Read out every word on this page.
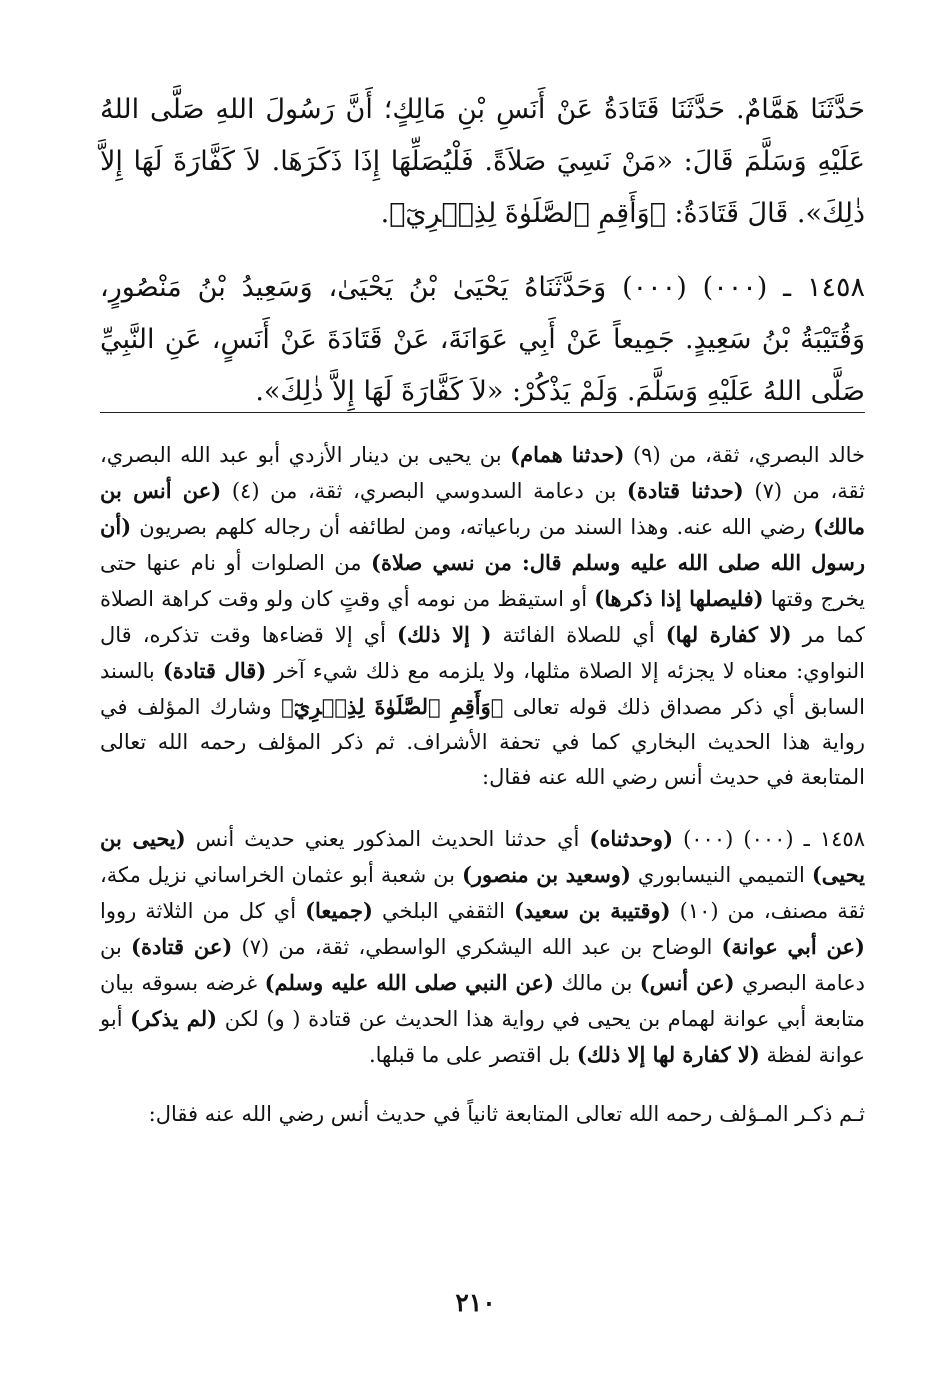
حَدَّثَنَا هَمَّامٌ. حَدَّثَنَا قَتَادَةُ عَنْ أَنَسِ بْنِ مَالِكٍ؛ أَنَّ رَسُولَ اللهِ صَلَّى اللهُ عَلَيْهِ وَسَلَّمَ قَالَ: «مَنْ نَسِيَ صَلاَةً. فَلْيُصَلِّهَا إِذَا ذَكَرَهَا. لاَ كَفَّارَةَ لَهَا إِلاَّ ذٰلِكَ». قَالَ قَتَادَةُ: ﴿وَأَقِمِ ٱلصَّلَوٰةَ لِذِكۡرِيٓ﴾.

١٤٥٨ ـ (٠٠٠) (٠٠٠) وَحَدَّثَنَاهُ يَحْيَىٰ بْنُ يَحْيَىٰ، وَسَعِيدُ بْنُ مَنْصُورٍ، وَقُتَيْبَةُ بْنُ سَعِيدٍ. جَمِيعاً عَنْ أَبِي عَوَانَةَ، عَنْ قَتَادَةَ عَنْ أَنَسٍ، عَنِ النَّبِيِّ صَلَّى اللهُ عَلَيْهِ وَسَلَّمَ. وَلَمْ يَذْكُرْ: «لاَ كَفَّارَةَ لَهَا إِلاَّ ذٰلِكَ».

خالد البصري، ثقة، من (٩) (حدثنا همام) بن يحيى بن دينار الأزدي أبو عبد الله البصري، ثقة، من (٧) (حدثنا قتادة) بن دعامة السدوسي البصري، ثقة، من (٤) (عن أنس بن مالك) رضي الله عنه. وهذا السند من رباعياته، ومن لطائفه أن رجاله كلهم بصريون (أن رسول الله صلى الله عليه وسلم قال: من نسي صلاة) من الصلوات أو نام عنها حتى يخرج وقتها (فليصلها إذا ذكرها) أو استيقظ من نومه أي وقتٍ كان ولو وقت كراهة الصلاة كما مر (لا كفارة لها) أي للصلاة الفائتة ( إلا ذلك) أي إلا قضاءها وقت تذكره، قال النواوي: معناه لا يجزئه إلا الصلاة مثلها، ولا يلزمه مع ذلك شيء آخر (قال قتادة) بالسند السابق أي ذكر مصداق ذلك قوله تعالى ﴿وَأَقِمِ ٱلصَّلَوٰةَ لِذِكۡرِيٓ﴾ وشارك المؤلف في رواية هذا الحديث البخاري كما في تحفة الأشراف. ثم ذكر المؤلف رحمه الله تعالى المتابعة في حديث أنس رضي الله عنه فقال:

١٤٥٨ ـ (٠٠٠) (٠٠٠) (وحدثناه) أي حدثنا الحديث المذكور يعني حديث أنس (يحيى بن يحيى) التميمي النيسابوري (وسعيد بن منصور) بن شعبة أبو عثمان الخراساني نزيل مكة، ثقة مصنف، من (١٠) (وقتيبة بن سعيد) الثقفي البلخي (جميعا) أي كل من الثلاثة رووا (عن أبي عوانة) الوضاح بن عبد الله اليشكري الواسطي، ثقة، من (٧) (عن قتادة) بن دعامة البصري (عن أنس) بن مالك (عن النبي صلى الله عليه وسلم) غرضه بسوقه بيان متابعة أبي عوانة لهمام بن يحيى في رواية هذا الحديث عن قتادة ( و) لكن (لم يذكر) أبو عوانة لفظة (لا كفارة لها إلا ذلك) بل اقتصر على ما قبلها.

ثـم ذكـر المـؤلف رحمه الله تعالى المتابعة ثانياً في حديث أنس رضي الله عنه فقال:

٢١٠
